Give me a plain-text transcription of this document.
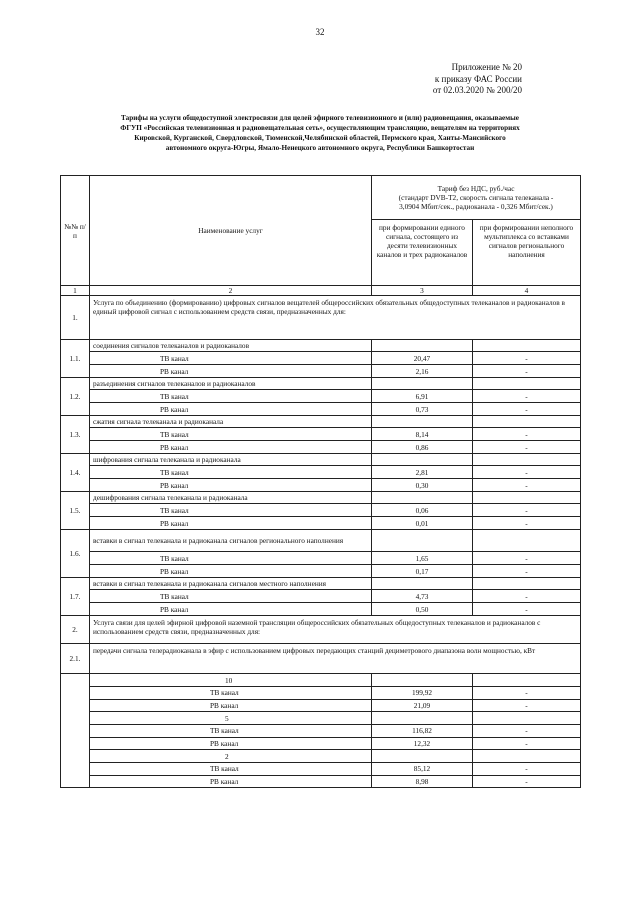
32
Приложение № 20
к приказу ФАС России
от 02.03.2020 № 200/20
Тарифы на услуги общедоступной электросвязи для целей эфирного телевизионного и (или) радиовещания, оказываемые
ФГУП «Российская телевизионная и радиовещательная сеть», осуществляющим трансляцию, вещателям на территориях
Кировской, Курганской, Свердловской, Тюменской,Челябинской областей, Пермского края, Ханты-Мансийского
автономного округа-Югры, Ямало-Ненецкого автономного округа, Республики Башкортостан
№№ п/п	Наименование услуг	Тариф без НДС, руб./час
(стандарт DVB-T2, скорость сигнала телеканала -
3,0904 Мбит/сек., радиоканала - 0,326 Мбит/сек.)	

		при формировании единого сигнала, состоящего из десяти телевизионных каналов и трех радиоканалов	при формировании неполного мультиплекса со вставками сигналов регионального наполнения
1	2	3	4
1.	Услуга по объединению (формированию) цифровых сигналов вещателей общероссийских обязательных общедоступных телеканалов и радиоканалов в единый цифровой сигнал с использованием средств связи, предназначенных для:		
1.1.	соединения сигналов телеканалов и радиоканалов		
	ТВ канал	20,47	-
	РВ канал	2,16	-
1.2.	разъединения сигналов телеканалов и радиоканалов		
	ТВ канал	6,91	-
	РВ канал	0,73	-
1.3.	сжатия сигнала телеканала и радиоканала		
	ТВ канал	8,14	-
	РВ канал	0,86	-
1.4.	шифрования сигнала телеканала и радиоканала		
	ТВ канал	2,81	-
	РВ канал	0,30	-
1.5.	дешифрования сигнала телеканала и радиоканала		
	ТВ канал	0,06	-
	РВ канал	0,01	-
1.6.	вставки в сигнал телеканала и радиоканала сигналов регионального наполнения		
	ТВ канал	1,65	-
	РВ канал	0,17	-
1.7.	вставки в сигнал телеканала и радиоканала сигналов местного наполнения		
	ТВ канал	4,73	-
	РВ канал	0,50	-
2.	Услуга связи для целей эфирной цифровой наземной трансляции общероссийских обязательных общедоступных телеканалов и радиоканалов с использованием средств связи, предназначенных для:		
2.1.	передачи сигнала телерадиоканала в эфир с использованием цифровых передающих станций дециметрового диапазона волн мощностью, кВт		
	10		
	ТВ канал	199,92	-
	РВ канал	21,09	-
	5		
	ТВ канал	116,82	-
	РВ канал	12,32	-
	2		
	ТВ канал	85,12	-
	РВ канал	8,98	-
